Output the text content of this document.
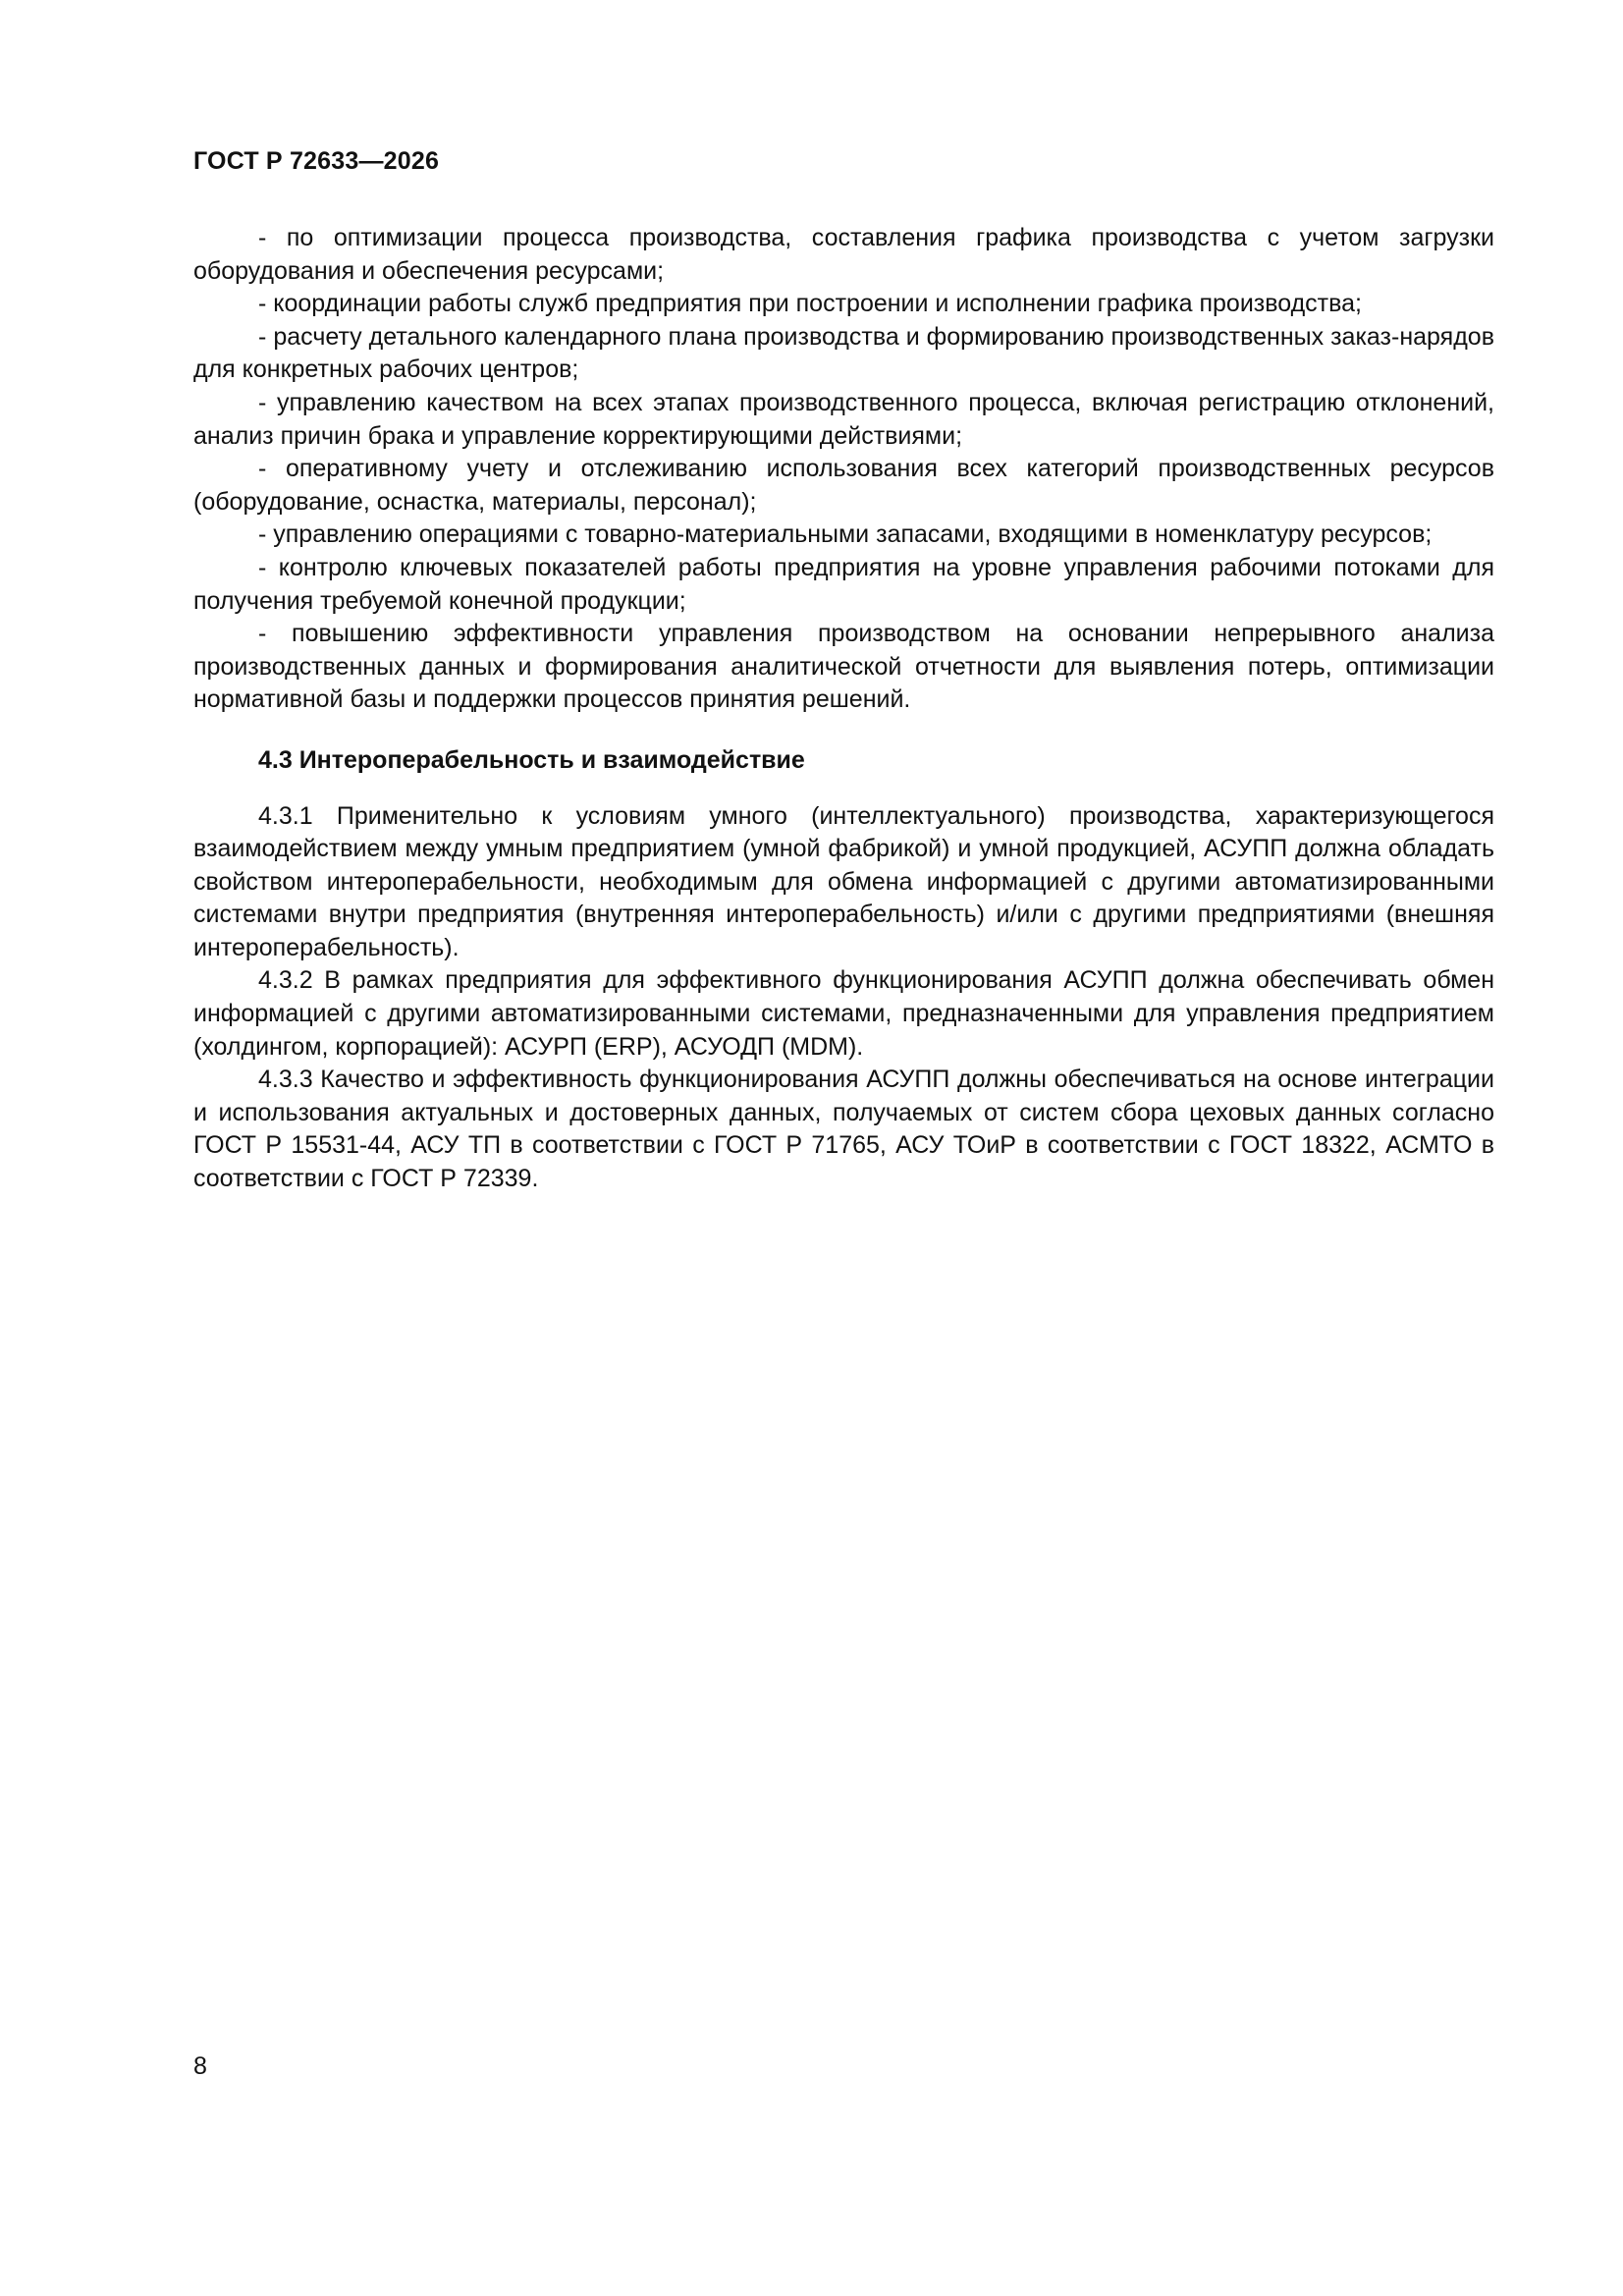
ГОСТ Р 72633—2026

- по оптимизации процесса производства, составления графика производства с учетом загрузки оборудования и обеспечения ресурсами;

- координации работы служб предприятия при построении и исполнении графика производства;

- расчету детального календарного плана производства и формированию производственных заказ-нарядов для конкретных рабочих центров;

- управлению качеством на всех этапах производственного процесса, включая регистрацию отклонений, анализ причин брака и управление корректирующими действиями;

- оперативному учету и отслеживанию использования всех категорий производственных ресурсов (оборудование, оснастка, материалы, персонал);

- управлению операциями с товарно-материальными запасами, входящими в номенклатуру ресурсов;

- контролю ключевых показателей работы предприятия на уровне управления рабочими потоками для получения требуемой конечной продукции;

- повышению эффективности управления производством на основании непрерывного анализа производственных данных и формирования аналитической отчетности для выявления потерь, оптимизации нормативной базы и поддержки процессов принятия решений.

4.3 Интероперабельность и взаимодействие

4.3.1 Применительно к условиям умного (интеллектуального) производства, характеризующегося взаимодействием между умным предприятием (умной фабрикой) и умной продукцией, АСУПП должна обладать свойством интероперабельности, необходимым для обмена информацией с другими автоматизированными системами внутри предприятия (внутренняя интероперабельность) и/или с другими предприятиями (внешняя интероперабельность).

4.3.2 В рамках предприятия для эффективного функционирования АСУПП должна обеспечивать обмен информацией с другими автоматизированными системами, предназначенными для управления предприятием (холдингом, корпорацией): АСУРП (ERP), АСУОДП (MDM).

4.3.3 Качество и эффективность функционирования АСУПП должны обеспечиваться на основе интеграции и использования актуальных и достоверных данных, получаемых от систем сбора цеховых данных согласно ГОСТ Р 15531-44, АСУ ТП в соответствии с ГОСТ Р 71765, АСУ ТОиР в соответствии с ГОСТ 18322, АСМТО в соответствии с ГОСТ Р 72339.

8
